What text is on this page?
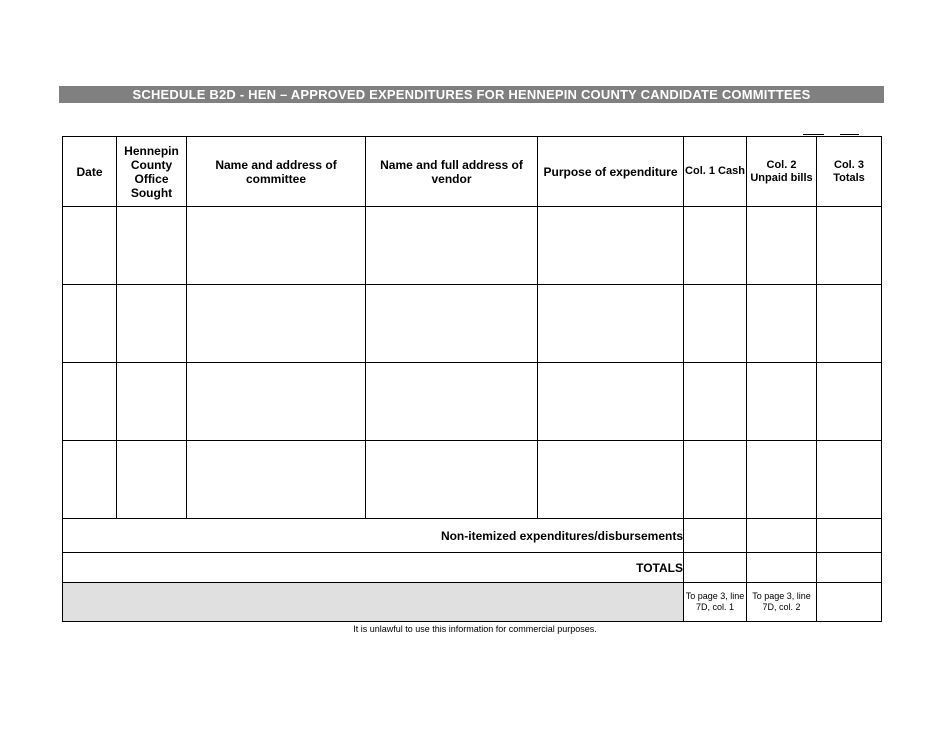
SCHEDULE B2D - HEN – APPROVED EXPENDITURES FOR HENNEPIN COUNTY CANDIDATE COMMITTEES
Date	Hennepin County Office Sought	Name and address of committee	Name and full address of vendor	Purpose of expenditure	Col. 1 Cash	Col. 2 Unpaid bills	Col. 3 Totals

Non-itemized expenditures/disbursements							
TOTALS							
					To page 3, line 7D, col. 1	To page 3, line 7D, col. 2	
It is unlawful to use this information for commercial purposes.
